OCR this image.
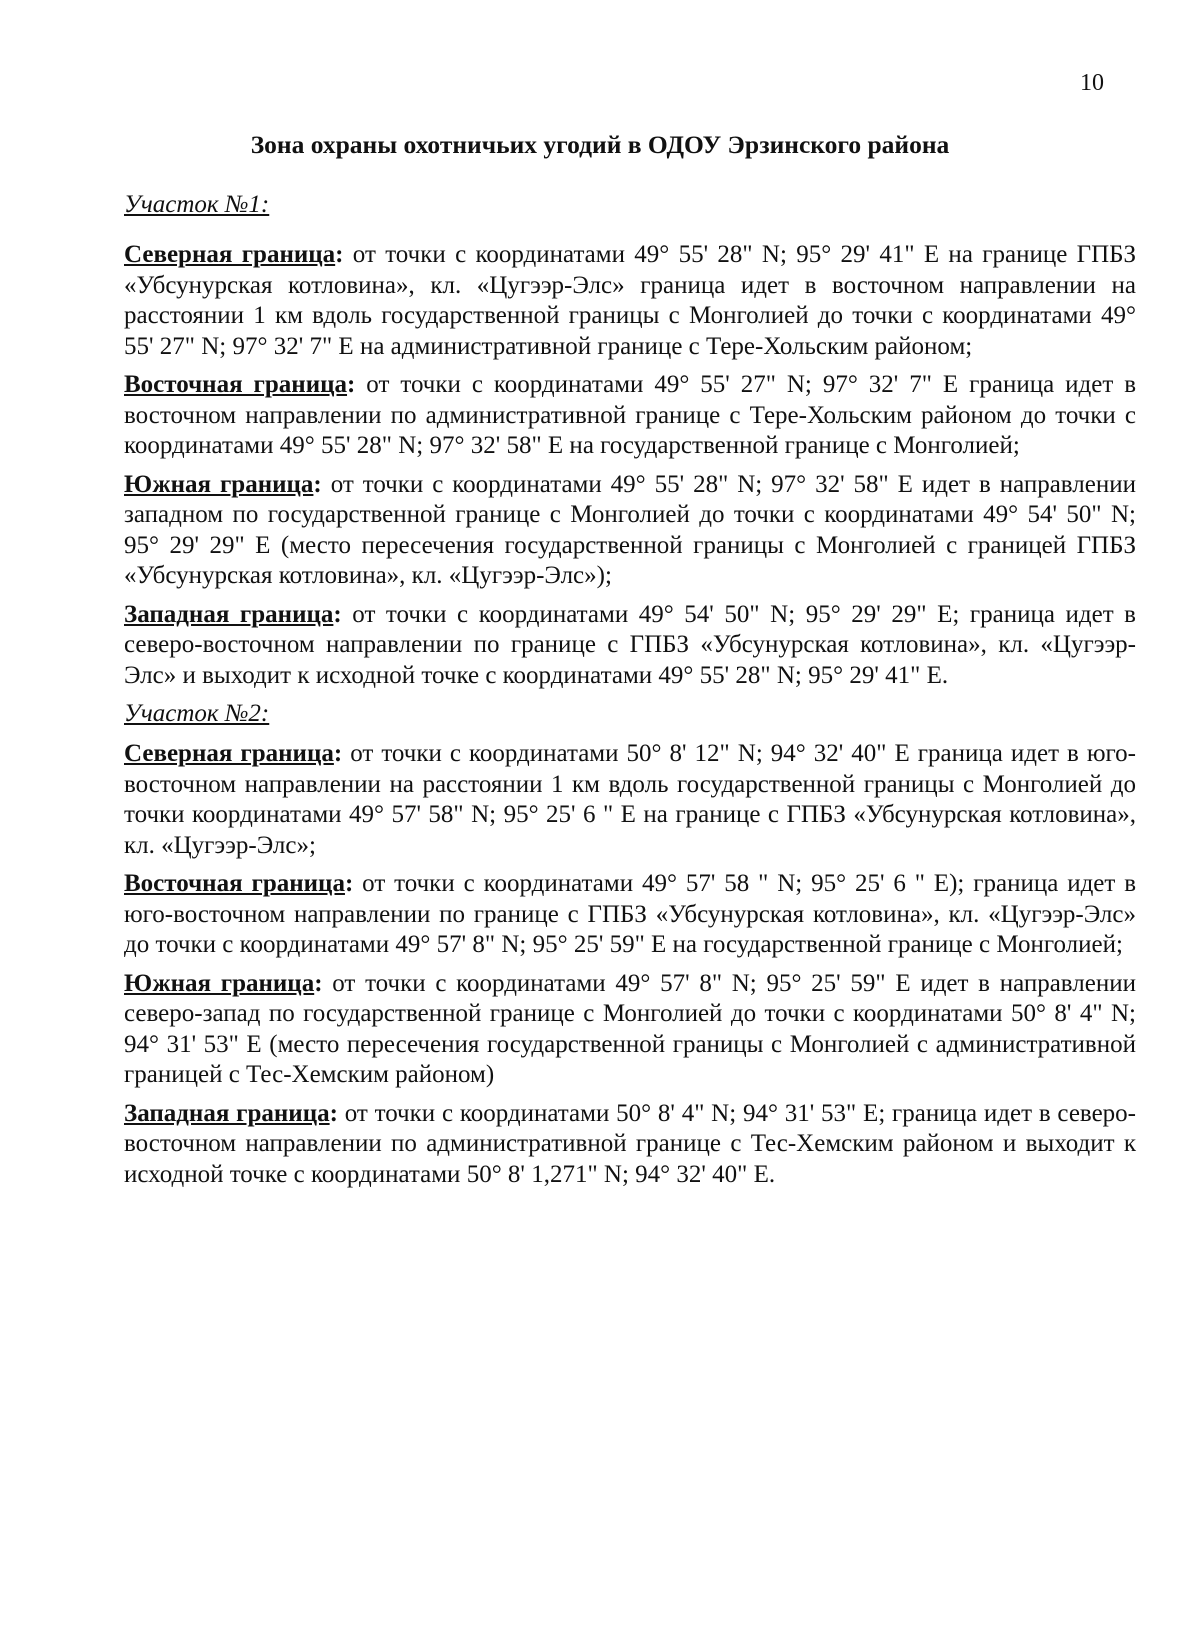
10
Зона охраны охотничьих угодий в ОДОУ Эрзинского района
Участок №1:

Северная граница: от точки с координатами 49° 55' 28" N; 95° 29' 41" E на границе ГПБЗ «Убсунурская котловина», кл. «Цугээр-Элс» граница идет в восточном направлении на расстоянии 1 км вдоль государственной границы с Монголией до точки с координатами 49° 55' 27" N; 97° 32' 7" E на административной границе с Тере-Хольским районом;

Восточная граница: от точки с координатами 49° 55' 27" N; 97° 32' 7" E граница идет в восточном направлении по административной границе с Тере-Хольским районом до точки с координатами 49° 55' 28" N; 97° 32' 58" E на государственной границе с Монголией;

Южная граница: от точки с координатами 49° 55' 28" N; 97° 32' 58" E идет в направлении западном по государственной границе с Монголией до точки с координатами 49° 54' 50" N; 95° 29' 29" E (место пересечения государственной границы с Монголией с границей ГПБЗ «Убсунурская котловина», кл. «Цугээр-Элс»);

Западная граница: от точки с координатами 49° 54' 50" N; 95° 29' 29" E; граница идет в северо-восточном направлении по границе с ГПБЗ «Убсунурская котловина», кл. «Цугээр-Элс» и выходит к исходной точке с координатами 49° 55' 28" N; 95° 29' 41" E.

Участок №2:

Северная граница: от точки с координатами 50° 8' 12" N; 94° 32' 40" E граница идет в юго-восточном направлении на расстоянии 1 км вдоль государственной границы с Монголией до точки координатами 49° 57' 58" N; 95° 25' 6 " E на границе с ГПБЗ «Убсунурская котловина», кл. «Цугээр-Элс»;

Восточная граница: от точки с координатами 49° 57' 58 " N; 95° 25' 6 " E); граница идет в юго-восточном направлении по границе с ГПБЗ «Убсунурская котловина», кл. «Цугээр-Элс» до точки с координатами 49° 57' 8" N; 95° 25' 59" E на государственной границе с Монголией;

Южная граница: от точки с координатами 49° 57' 8" N; 95° 25' 59" E идет в направлении северо-запад по государственной границе с Монголией до точки с координатами 50° 8' 4" N; 94° 31' 53" E (место пересечения государственной границы с Монголией с административной границей с Тес-Хемским районом)

Западная граница: от точки с координатами 50° 8' 4" N; 94° 31' 53" E; граница идет в северо-восточном направлении по административной границе с Тес-Хемским районом и выходит к исходной точке с координатами 50° 8' 1,271" N; 94° 32' 40" E.
